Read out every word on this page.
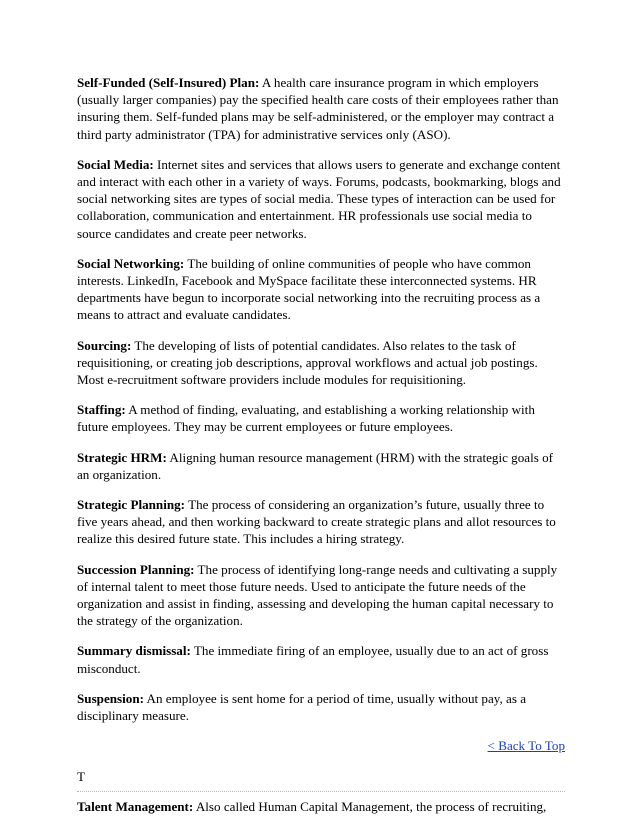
Self-Funded (Self-Insured) Plan: A health care insurance program in which employers (usually larger companies) pay the specified health care costs of their employees rather than insuring them. Self-funded plans may be self-administered, or the employer may contract a third party administrator (TPA) for administrative services only (ASO).

Social Media: Internet sites and services that allows users to generate and exchange content and interact with each other in a variety of ways. Forums, podcasts, bookmarking, blogs and social networking sites are types of social media. These types of interaction can be used for collaboration, communication and entertainment. HR professionals use social media to source candidates and create peer networks.

Social Networking: The building of online communities of people who have common interests. LinkedIn, Facebook and MySpace facilitate these interconnected systems. HR departments have begun to incorporate social networking into the recruiting process as a means to attract and evaluate candidates.

Sourcing: The developing of lists of potential candidates. Also relates to the task of requisitioning, or creating job descriptions, approval workflows and actual job postings. Most e-recruitment software providers include modules for requisitioning.

Staffing: A method of finding, evaluating, and establishing a working relationship with future employees. They may be current employees or future employees.

Strategic HRM: Aligning human resource management (HRM) with the strategic goals of an organization.

Strategic Planning: The process of considering an organization’s future, usually three to five years ahead, and then working backward to create strategic plans and allot resources to realize this desired future state. This includes a hiring strategy.

Succession Planning: The process of identifying long-range needs and cultivating a supply of internal talent to meet those future needs. Used to anticipate the future needs of the organization and assist in finding, assessing and developing the human capital necessary to the strategy of the organization.

Summary dismissal: The immediate firing of an employee, usually due to an act of gross misconduct.

Suspension: An employee is sent home for a period of time, usually without pay, as a disciplinary measure.

< Back To Top

T

Talent Management: Also called Human Capital Management, the process of recruiting,
